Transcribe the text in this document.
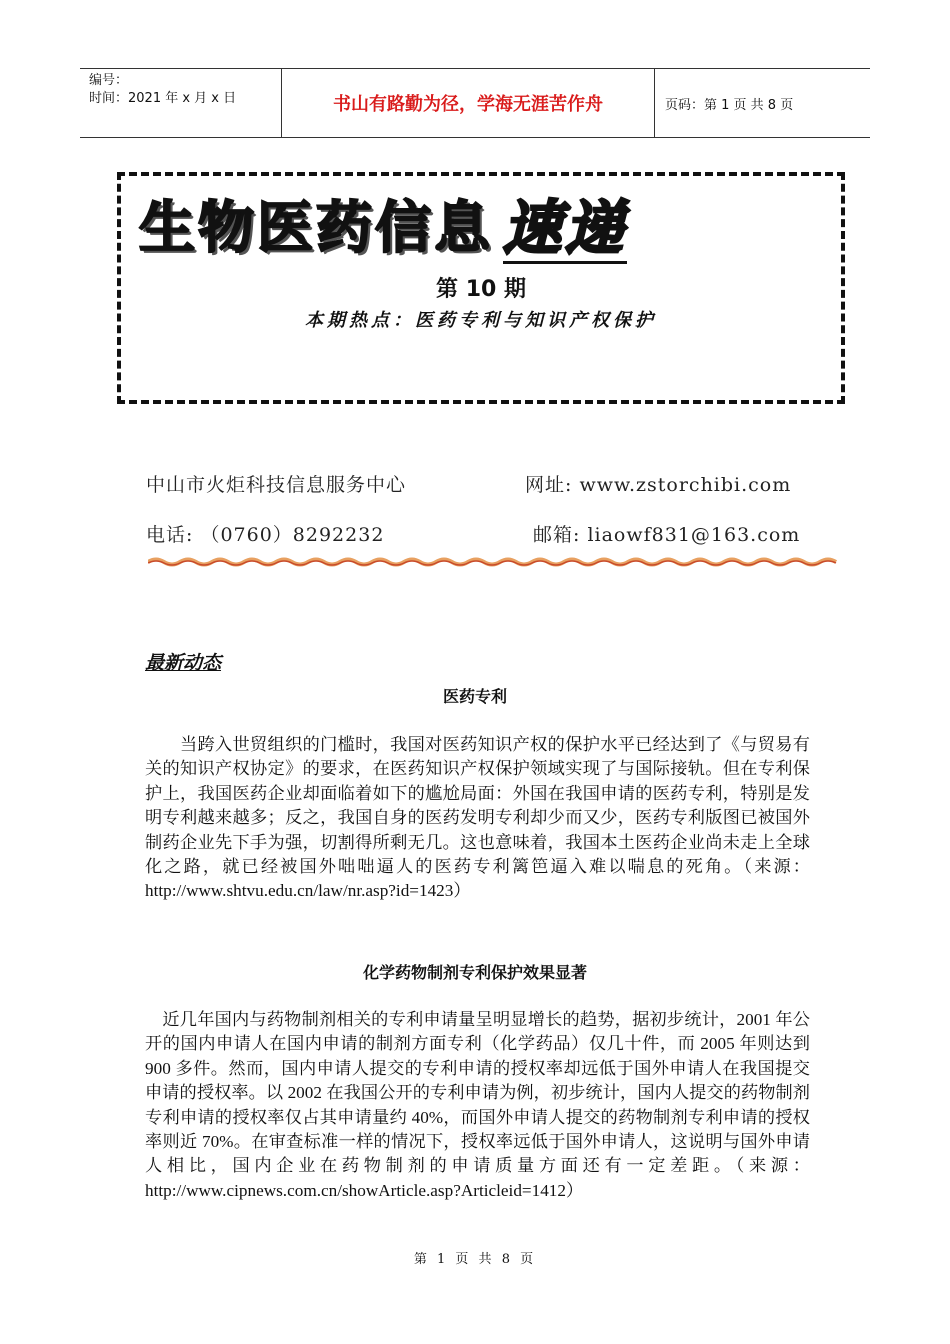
编号：
时间：2021 年 x 月 x 日	书山有路勤为径，学海无涯苦作舟	页码：第 1 页 共 8 页
生物医药信息 速递
第 10 期
本期热点：医药专利与知识产权保护
中山市火炬科技信息服务中心	网址: www.zstorchibi.com
电话: （0760）8292232	邮箱: liaowf831@163.com
最新动态
医药专利
　　当跨入世贸组织的门槛时，我国对医药知识产权的保护水平已经达到了《与贸易有关的知识产权协定》的要求，在医药知识产权保护领域实现了与国际接轨。但在专利保护上，我国医药企业却面临着如下的尴尬局面：外国在我国申请的医药专利，特别是发明专利越来越多；反之，我国自身的医药发明专利却少而又少，医药专利版图已被国外制药企业先下手为强，切割得所剩无几。这也意味着，我国本土医药企业尚未走上全球化之路，就已经被国外咄咄逼人的医药专利篱笆逼入难以喘息的死角。（来源：http://www.shtvu.edu.cn/law/nr.asp?id=1423）
化学药物制剂专利保护效果显著
　近几年国内与药物制剂相关的专利申请量呈明显增长的趋势，据初步统计，2001 年公开的国内申请人在国内申请的制剂方面专利（化学药品）仅几十件，而 2005 年则达到 900 多件。然而，国内申请人提交的专利申请的授权率却远低于国外申请人在我国提交申请的授权率。以 2002 在我国公开的专利申请为例，初步统计，国内人提交的药物制剂专利申请的授权率仅占其申请量约 40%，而国外申请人提交的药物制剂专利申请的授权率则近 70%。在审查标准一样的情况下，授权率远低于国外申请人，这说明与国外申请人相比，国内企业在药物制剂的申请质量方面还有一定差距。（来源：http://www.cipnews.com.cn/showArticle.asp?Articleid=1412）
第 1 页 共 8 页
